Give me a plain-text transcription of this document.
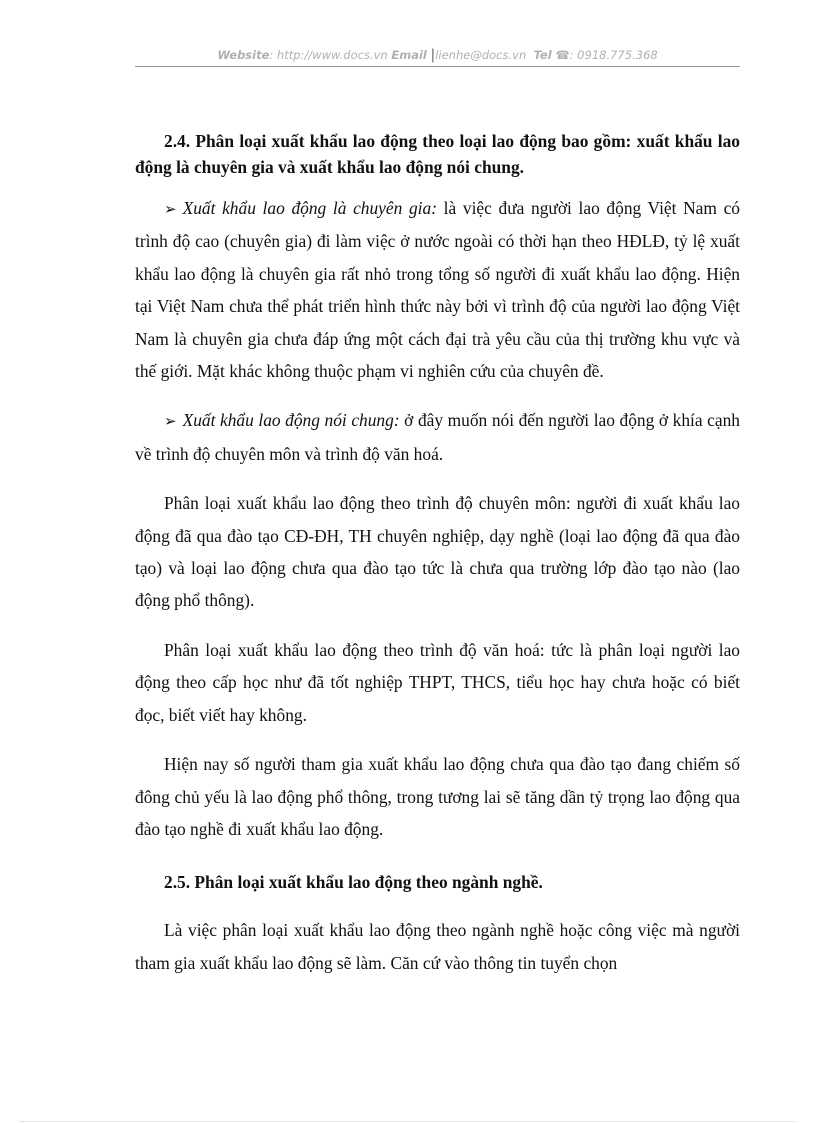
Website: http://www.docs.vn Email |lienhe@docs.vn Tel ☎: 0918.775.368

2.4. Phân loại xuất khẩu lao động theo loại lao động bao gồm: xuất khẩu lao động là chuyên gia và xuất khẩu lao động nói chung.

➢ Xuất khẩu lao động là chuyên gia: là việc đưa người lao động Việt Nam có trình độ cao (chuyên gia) đi làm việc ở nước ngoài có thời hạn theo HĐLĐ, tỷ lệ xuất khẩu lao động là chuyên gia rất nhỏ trong tổng số người đi xuất khẩu lao động. Hiện tại Việt Nam chưa thể phát triển hình thức này bởi vì trình độ của người lao động Việt Nam là chuyên gia chưa đáp ứng một cách đại trà yêu cầu của thị trường khu vực và thế giới. Mặt khác không thuộc phạm vi nghiên cứu của chuyên đề.

➢ Xuất khẩu lao động nói chung: ở đây muốn nói đến người lao động ở khía cạnh về trình độ chuyên môn và trình độ văn hoá.

Phân loại xuất khẩu lao động theo trình độ chuyên môn: người đi xuất khẩu lao động đã qua đào tạo CĐ-ĐH, TH chuyên nghiệp, dạy nghề (loại lao động đã qua đào tạo) và loại lao động chưa qua đào tạo tức là chưa qua trường lớp đào tạo nào (lao động phổ thông).

Phân loại xuất khẩu lao động theo trình độ văn hoá: tức là phân loại người lao động theo cấp học như đã tốt nghiệp THPT, THCS, tiểu học hay chưa hoặc có biết đọc, biết viết hay không.

Hiện nay số người tham gia xuất khẩu lao động chưa qua đào tạo đang chiếm số đông chủ yếu là lao động phổ thông, trong tương lai sẽ tăng dần tỷ trọng lao động qua đào tạo nghề đi xuất khẩu lao động.

2.5. Phân loại xuất khẩu lao động theo ngành nghề.

Là việc phân loại xuất khẩu lao động theo ngành nghề hoặc công việc mà người tham gia xuất khẩu lao động sẽ làm. Căn cứ vào thông tin tuyển chọn
